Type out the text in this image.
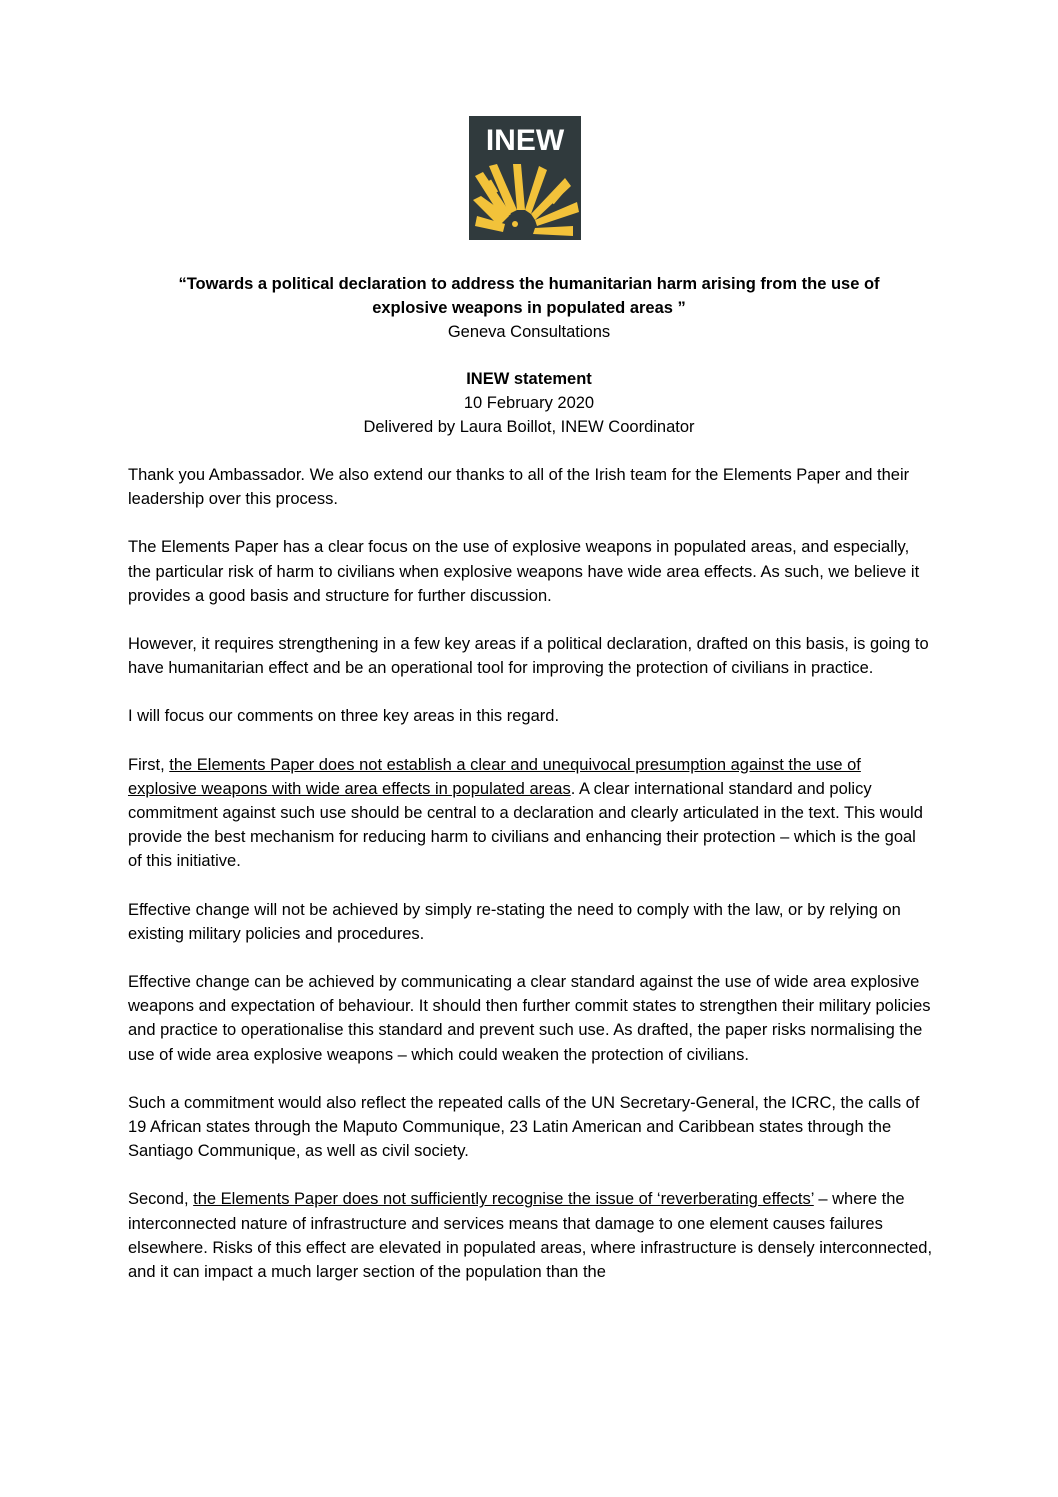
INEW
“Towards a political declaration to address the humanitarian harm arising from the use of explosive weapons in populated areas ”
Geneva Consultations
INEW statement
10 February 2020
Delivered by Laura Boillot, INEW Coordinator

Thank you Ambassador. We also extend our thanks to all of the Irish team for the Elements Paper and their leadership over this process.

The Elements Paper has a clear focus on the use of explosive weapons in populated areas, and especially, the particular risk of harm to civilians when explosive weapons have wide area effects. As such, we believe it provides a good basis and structure for further discussion.

However, it requires strengthening in a few key areas if a political declaration, drafted on this basis, is going to have humanitarian effect and be an operational tool for improving the protection of civilians in practice.

I will focus our comments on three key areas in this regard.

First, the Elements Paper does not establish a clear and unequivocal presumption against the use of explosive weapons with wide area effects in populated areas. A clear international standard and policy commitment against such use should be central to a declaration and clearly articulated in the text. This would provide the best mechanism for reducing harm to civilians and enhancing their protection – which is the goal of this initiative.

Effective change will not be achieved by simply re-stating the need to comply with the law, or by relying on existing military policies and procedures.

Effective change can be achieved by communicating a clear standard against the use of wide area explosive weapons and expectation of behaviour. It should then further commit states to strengthen their military policies and practice to operationalise this standard and prevent such use. As drafted, the paper risks normalising the use of wide area explosive weapons – which could weaken the protection of civilians.

Such a commitment would also reflect the repeated calls of the UN Secretary-General, the ICRC, the calls of 19 African states through the Maputo Communique, 23 Latin American and Caribbean states through the Santiago Communique, as well as civil society.

Second, the Elements Paper does not sufficiently recognise the issue of ‘reverberating effects’ – where the interconnected nature of infrastructure and services means that damage to one element causes failures elsewhere. Risks of this effect are elevated in populated areas, where infrastructure is densely interconnected, and it can impact a much larger section of the population than the
